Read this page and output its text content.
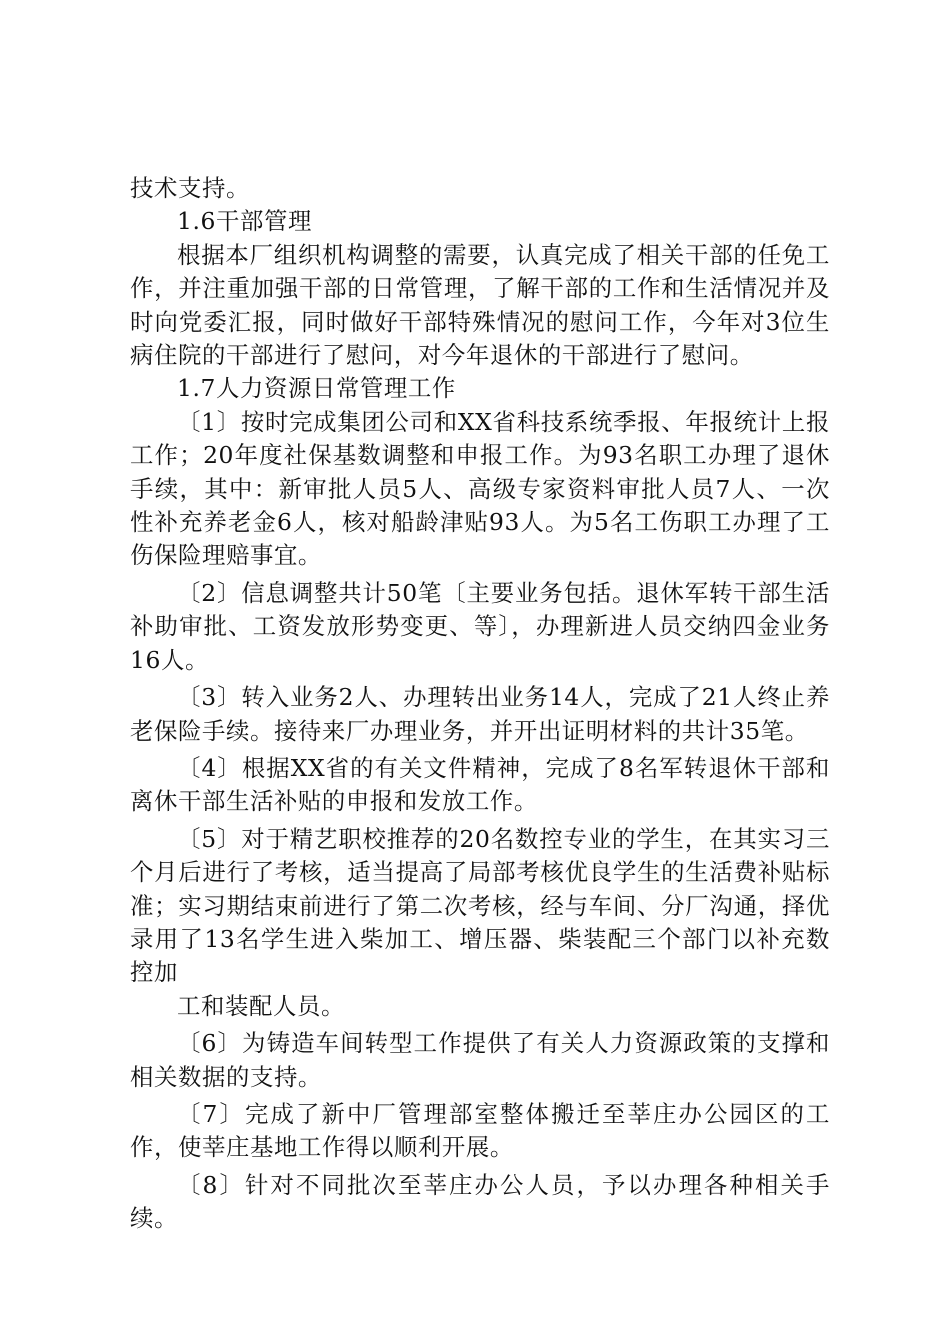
技术支持。

1.6干部管理

根据本厂组织机构调整的需要，认真完成了相关干部的任免工作，并注重加强干部的日常管理，了解干部的工作和生活情况并及时向党委汇报，同时做好干部特殊情况的慰问工作，今年对3位生病住院的干部进行了慰问，对今年退休的干部进行了慰问。

1.7人力资源日常管理工作

〔1〕按时完成集团公司和XX省科技系统季报、年报统计上报工作；20年度社保基数调整和申报工作。为93名职工办理了退休手续，其中：新审批人员5人、高级专家资料审批人员7人、一次性补充养老金6人，核对船龄津贴93人。为5名工伤职工办理了工伤保险理赔事宜。

〔2〕信息调整共计50笔〔主要业务包括。退休军转干部生活补助审批、工资发放形势变更、等〕，办理新进人员交纳四金业务16人。

〔3〕转入业务2人、办理转出业务14人，完成了21人终止养老保险手续。接待来厂办理业务，并开出证明材料的共计35笔。

〔4〕根据XX省的有关文件精神，完成了8名军转退休干部和离休干部生活补贴的申报和发放工作。

〔5〕对于精艺职校推荐的20名数控专业的学生，在其实习三个月后进行了考核，适当提高了局部考核优良学生的生活费补贴标准；实习期结束前进行了第二次考核，经与车间、分厂沟通，择优录用了13名学生进入柴加工、增压器、柴装配三个部门以补充数控加

工和装配人员。

〔6〕为铸造车间转型工作提供了有关人力资源政策的支撑和相关数据的支持。

〔7〕完成了新中厂管理部室整体搬迁至莘庄办公园区的工作，使莘庄基地工作得以顺利开展。

〔8〕针对不同批次至莘庄办公人员，予以办理各种相关手续。
